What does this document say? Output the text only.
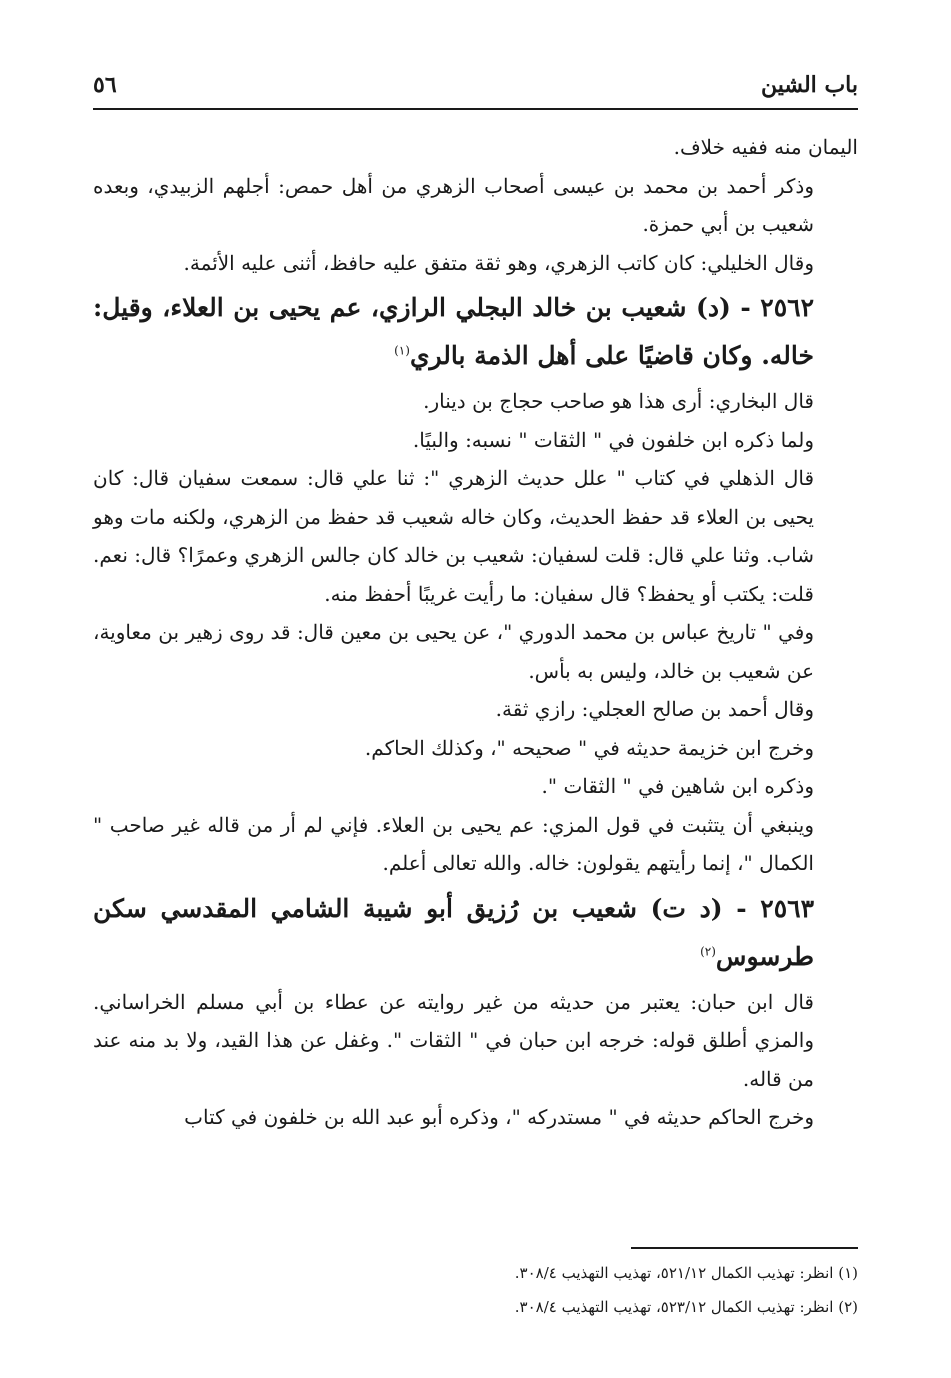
باب الشين
٥٦

اليمان منه ففيه خلاف.

وذكر أحمد بن محمد بن عيسى أصحاب الزهري من أهل حمص: أجلهم الزبيدي، وبعده شعيب بن أبي حمزة.

وقال الخليلي: كان كاتب الزهري، وهو ثقة متفق عليه حافظ، أثنى عليه الأئمة.

٢٥٦٢ - (د) شعيب بن خالد البجلي الرازي، عم يحيى بن العلاء، وقيل: خاله. وكان قاضيًا على أهل الذمة بالري$^{(١)}$

قال البخاري: أرى هذا هو صاحب حجاج بن دينار.

ولما ذكره ابن خلفون في " الثقات " نسبه: والبيًا.

قال الذهلي في كتاب " علل حديث الزهري ": ثنا علي قال: سمعت سفيان قال: كان يحيى بن العلاء قد حفظ الحديث، وكان خاله شعيب قد حفظ من الزهري، ولكنه مات وهو شاب. وثنا علي قال: قلت لسفيان: شعيب بن خالد كان جالس الزهري وعمرًا؟ قال: نعم. قلت: يكتب أو يحفظ؟ قال سفيان: ما رأيت غريبًا أحفظ منه.

وفي " تاريخ عباس بن محمد الدوري "، عن يحيى بن معين قال: قد روى زهير بن معاوية، عن شعيب بن خالد، وليس به بأس.

وقال أحمد بن صالح العجلي: رازي ثقة.

وخرج ابن خزيمة حديثه في " صحيحه "، وكذلك الحاكم.

وذكره ابن شاهين في " الثقات ".

وينبغي أن يتثبت في قول المزي: عم يحيى بن العلاء. فإني لم أر من قاله غير صاحب " الكمال "، إنما رأيتهم يقولون: خاله. والله تعالى أعلم.

٢٥٦٣ - (د ت) شعيب بن رُزيق أبو شيبة الشامي المقدسي سكن طرسوس$^{(٢)}$

قال ابن حبان: يعتبر من حديثه من غير روايته عن عطاء بن أبي مسلم الخراساني. والمزي أطلق قوله: خرجه ابن حبان في " الثقات ". وغفل عن هذا القيد، ولا بد منه عند من قاله.

وخرج الحاكم حديثه في " مستدركه "، وذكره أبو عبد الله بن خلفون في كتاب

(١) انظر: تهذيب الكمال ٥٢١/١٢، تهذيب التهذيب ٣٠٨/٤.

(٢) انظر: تهذيب الكمال ٥٢٣/١٢، تهذيب التهذيب ٣٠٨/٤.
